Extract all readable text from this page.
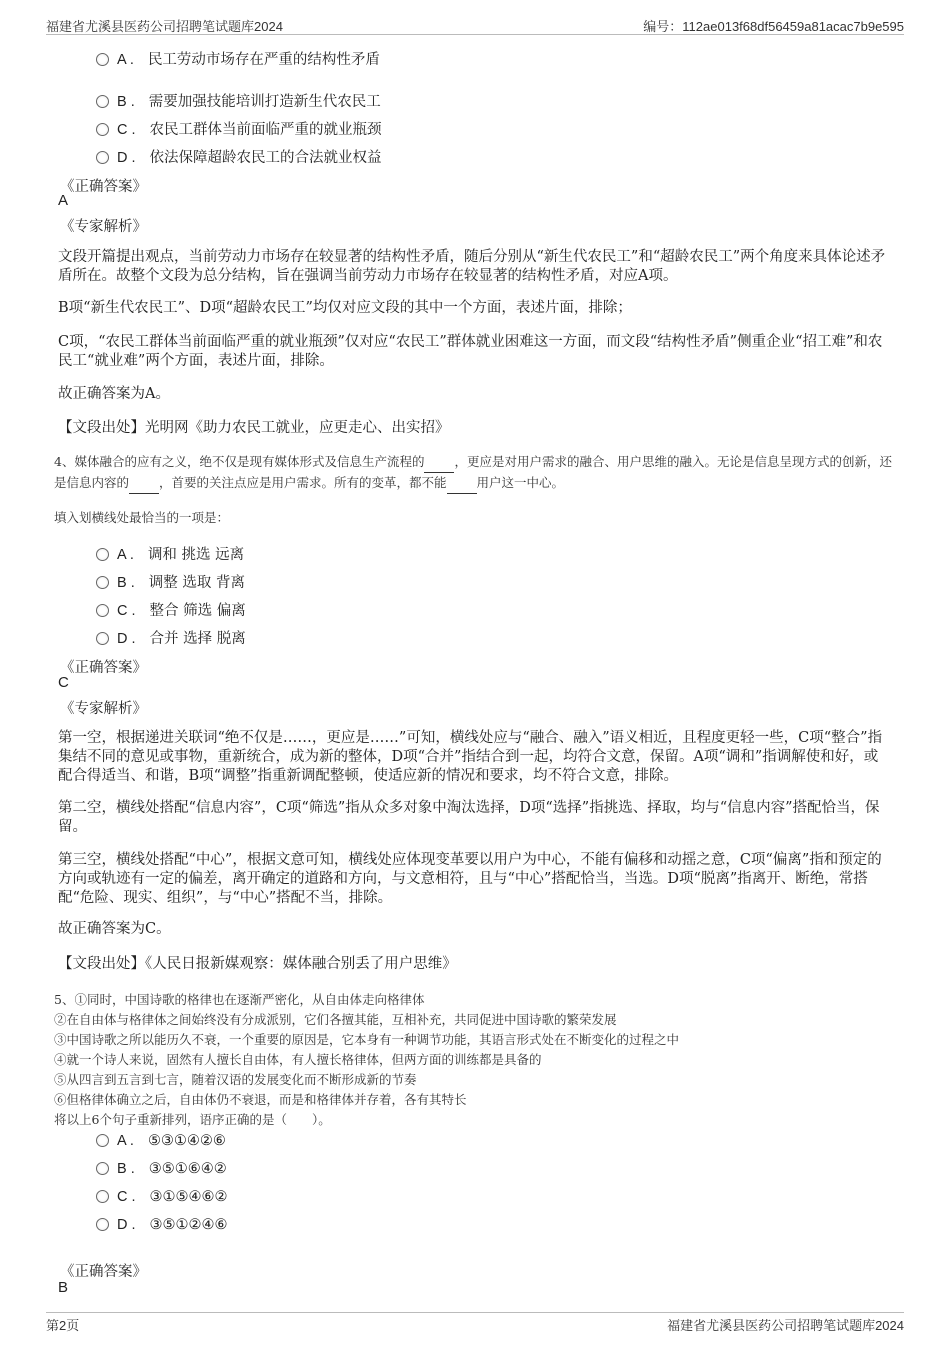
福建省尤溪县医药公司招聘笔试题库2024	编号：112ae013f68df56459a81acac7b9e595
A . 民工劳动市场存在严重的结构性矛盾
B . 需要加强技能培训打造新生代农民工
C . 农民工群体当前面临严重的就业瓶颈
D . 依法保障超龄农民工的合法就业权益
《正确答案》
A
《专家解析》
文段开篇提出观点，当前劳动力市场存在较显著的结构性矛盾，随后分别从“新生代农民工”和“超龄农民工”两个角度来具体论述矛盾所在。故整个文段为总分结构，旨在强调当前劳动力市场存在较显著的结构性矛盾，对应A项。
B项“新生代农民工”、D项“超龄农民工”均仅对应文段的其中一个方面，表述片面，排除；
C项，“农民工群体当前面临严重的就业瓶颈”仅对应“农民工”群体就业困难这一方面，而文段“结构性矛盾”侧重企业“招工难”和农民工“就业难”两个方面，表述片面，排除。
故正确答案为A。
【文段出处】光明网《助力农民工就业，应更走心、出实招》
4、媒体融合的应有之义，绝不仅是现有媒体形式及信息生产流程的 ，更应是对用户需求的融合、用户思维的融入。无论是信息呈现方式的创新，还是信息内容的 ，首要的关注点应是用户需求。所有的变革，都不能 用户这一中心。
填入划横线处最恰当的一项是：
A . 调和 挑选 远离
B . 调整 选取 背离
C . 整合 筛选 偏离
D . 合并 选择 脱离
《正确答案》
C
《专家解析》
第一空，根据递进关联词“绝不仅是……，更应是……”可知，横线处应与“融合、融入”语义相近，且程度更轻一些，C项“整合”指集结不同的意见或事物，重新统合，成为新的整体，D项“合并”指结合到一起，均符合文意，保留。A项“调和”指调解使和好，或配合得适当、和谐，B项“调整”指重新调配整顿，使适应新的情况和要求，均不符合文意，排除。
第二空，横线处搭配“信息内容”，C项“筛选”指从众多对象中淘汰选择，D项“选择”指挑选、择取，均与“信息内容”搭配恰当，保留。
第三空，横线处搭配“中心”，根据文意可知，横线处应体现变革要以用户为中心，不能有偏移和动摇之意，C项“偏离”指和预定的方向或轨迹有一定的偏差，离开确定的道路和方向，与文意相符，且与“中心”搭配恰当，当选。D项“脱离”指离开、断绝，常搭配“危险、现实、组织”，与“中心”搭配不当，排除。
故正确答案为C。
【文段出处】《人民日报新媒观察：媒体融合别丢了用户思维》
5、①同时，中国诗歌的格律也在逐渐严密化，从自由体走向格律体
②在自由体与格律体之间始终没有分成派别，它们各擅其能，互相补充，共同促进中国诗歌的繁荣发展
③中国诗歌之所以能历久不衰，一个重要的原因是，它本身有一种调节功能，其语言形式处在不断变化的过程之中
④就一个诗人来说，固然有人擅长自由体，有人擅长格律体，但两方面的训练都是具备的
⑤从四言到五言到七言，随着汉语的发展变化而不断形成新的节奏
⑥但格律体确立之后，自由体仍不衰退，而是和格律体并存着，各有其特长
将以上6个句子重新排列，语序正确的是（　　）。
A . ⑤③①④②⑥
B . ③⑤①⑥④②
C . ③①⑤④⑥②
D . ③⑤①②④⑥
《正确答案》
B
第2页	福建省尤溪县医药公司招聘笔试题库2024
